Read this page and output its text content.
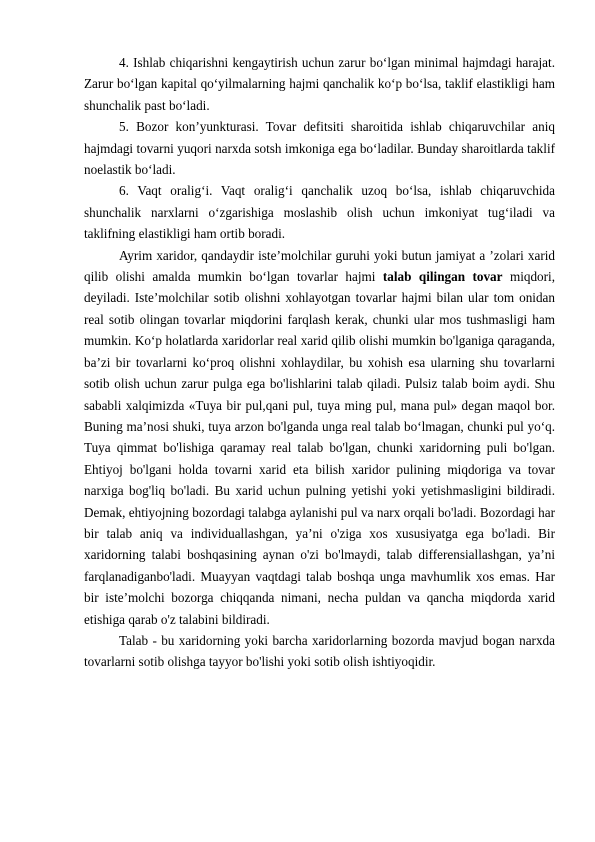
4. Ishlab chiqarishni kengaytirish uchun zarur bo‘lgan minimal hajmdagi harajat. Zarur bo‘lgan kapital qo‘yilmalarning hajmi qanchalik ko‘p bo‘lsa, taklif elastikligi ham shunchalik past bo‘ladi.

5. Bozor kon’yunkturasi. Tovar defitsiti sharoitida ishlab chiqaruvchilar aniq hajmdagi tovarni yuqori narxda sotsh imkoniga ega bo‘ladilar. Bunday sharoitlarda taklif noelastik bo‘ladi.

6. Vaqt oralig‘i. Vaqt oralig‘i qanchalik uzoq bo‘lsa, ishlab chiqaruvchida shunchalik narxlarni o‘zgarishiga moslashib olish uchun imkoniyat tug‘iladi va taklifning elastikligi ham ortib boradi.

Ayrim xaridor, qandaydir iste’molchilar guruhi yoki butun jamiyat a ’zolari xarid qilib olishi amalda mumkin bo‘lgan tovarlar hajmi talab qilingan tovar miqdori, deyiladi. Iste’molchilar sotib olishni xohlayotgan tovarlar hajmi bilan ular tom onidan real sotib olingan tovarlar miqdorini farqlash kerak, chunki ular mos tushmasligi ham mumkin. Ko‘p holatlarda xaridorlar real xarid qilib olishi mumkin bo'lganiga qaraganda, ba’zi bir tovarlarni ko‘proq olishni xohlaydilar, bu xohish esa ularning shu tovarlarni sotib olish uchun zarur pulga ega bo'lishlarini talab qiladi. Pulsiz talab boim aydi. Shu sababli xalqimizda «Tuya bir pul,qani pul, tuya ming pul, mana pul» degan maqol bor. Buning ma’nosi shuki, tuya arzon bo'lganda unga real talab bo‘lmagan, chunki pul yo‘q. Tuya qimmat bo'lishiga qaramay real talab bo'lgan, chunki xaridorning puli bo'lgan. Ehtiyoj bo'lgani holda tovarni xarid eta bilish xaridor pulining miqdoriga va tovar narxiga bog'liq bo'ladi. Bu xarid uchun pulning yetishi yoki yetishmasligini bildiradi. Demak, ehtiyojning bozordagi talabga aylanishi pul va narx orqali bo'ladi. Bozordagi har bir talab aniq va individuallashgan, ya’ni o'ziga xos xususiyatga ega bo'ladi. Bir xaridorning talabi boshqasining aynan o'zi bo'lmaydi, talab differensiallashgan, ya’ni farqlanadiganbo'ladi. Muayyan vaqtdagi talab boshqa unga mavhumlik xos emas. Har bir iste’molchi bozorga chiqqanda nimani, necha puldan va qancha miqdorda xarid etishiga qarab o'z talabini bildiradi.

Talab - bu xaridorning yoki barcha xaridorlarning bozorda mavjud bogan narxda tovarlarni sotib olishga tayyor bo'lishi yoki sotib olish ishtiyoqidir.
